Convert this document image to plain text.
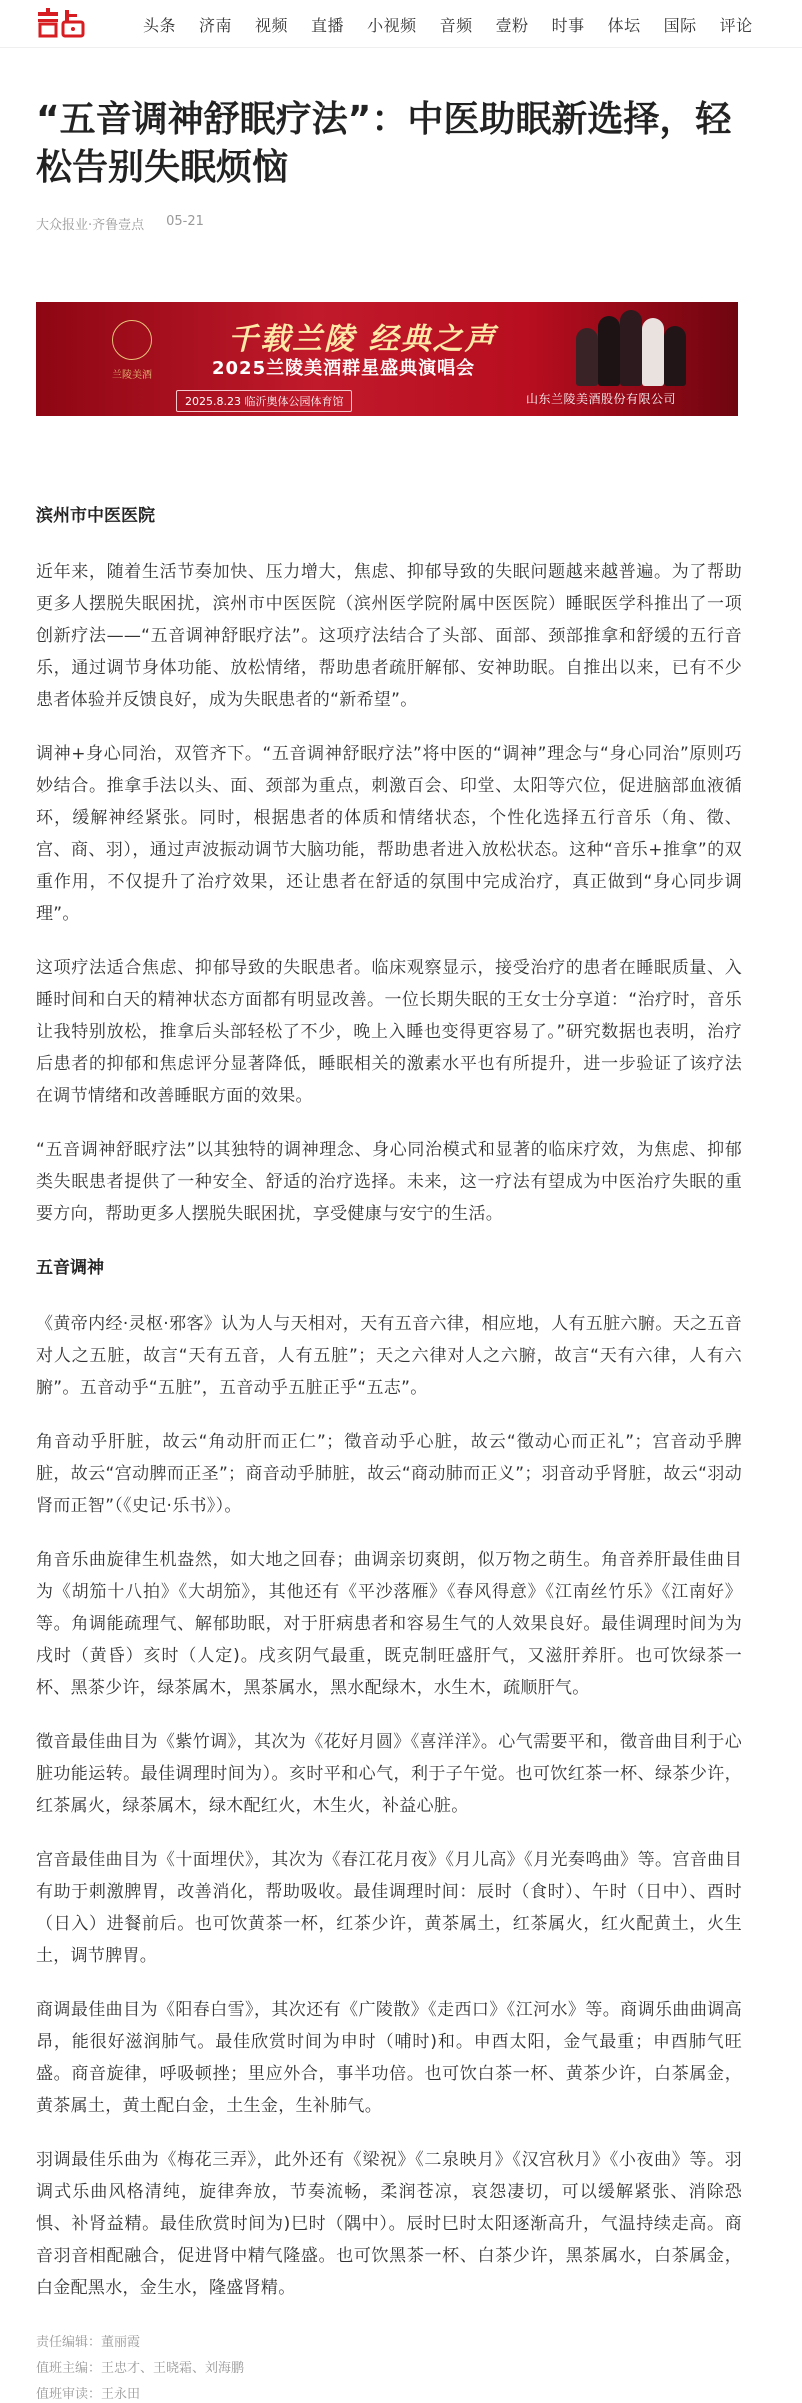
头条 济南 视频 直播 小视频 音频 壹粉 时事 体坛 国际 评论
“五音调神舒眠疗法”：中医助眠新选择，轻松告别失眠烦恼
大众报业·齐鲁壹点 05-21
兰陵美酒
千载兰陵 经典之声
2025兰陵美酒群星盛典演唱会
2025.8.23 临沂奥体公园体育馆	山东兰陵美酒股份有限公司
滨州市中医医院

近年来，随着生活节奏加快、压力增大，焦虑、抑郁导致的失眠问题越来越普遍。为了帮助更多人摆脱失眠困扰，滨州市中医医院（滨州医学院附属中医医院）睡眠医学科推出了一项创新疗法——“五音调神舒眠疗法”。这项疗法结合了头部、面部、颈部推拿和舒缓的五行音乐，通过调节身体功能、放松情绪，帮助患者疏肝解郁、安神助眠。自推出以来，已有不少患者体验并反馈良好，成为失眠患者的“新希望”。

调神+身心同治，双管齐下。“五音调神舒眠疗法”将中医的“调神”理念与“身心同治”原则巧妙结合。推拿手法以头、面、颈部为重点，刺激百会、印堂、太阳等穴位，促进脑部血液循环，缓解神经紧张。同时，根据患者的体质和情绪状态，个性化选择五行音乐（角、徵、宫、商、羽），通过声波振动调节大脑功能，帮助患者进入放松状态。这种“音乐+推拿”的双重作用，不仅提升了治疗效果，还让患者在舒适的氛围中完成治疗，真正做到“身心同步调理”。

这项疗法适合焦虑、抑郁导致的失眠患者。临床观察显示，接受治疗的患者在睡眠质量、入睡时间和白天的精神状态方面都有明显改善。一位长期失眠的王女士分享道：“治疗时，音乐让我特别放松，推拿后头部轻松了不少，晚上入睡也变得更容易了。”研究数据也表明，治疗后患者的抑郁和焦虑评分显著降低，睡眠相关的激素水平也有所提升，进一步验证了该疗法在调节情绪和改善睡眠方面的效果。

“五音调神舒眠疗法”以其独特的调神理念、身心同治模式和显著的临床疗效，为焦虑、抑郁类失眠患者提供了一种安全、舒适的治疗选择。未来，这一疗法有望成为中医治疗失眠的重要方向，帮助更多人摆脱失眠困扰，享受健康与安宁的生活。

五音调神

《黄帝内经·灵枢·邪客》认为人与天相对，天有五音六律，相应地，人有五脏六腑。天之五音对人之五脏，故言“天有五音，人有五脏”；天之六律对人之六腑，故言“天有六律，人有六腑”。五音动乎“五脏”，五音动乎五脏正乎“五志”。

角音动乎肝脏，故云“角动肝而正仁”；徵音动乎心脏，故云“徵动心而正礼”；宫音动乎脾脏，故云“宫动脾而正圣”；商音动乎肺脏，故云“商动肺而正义”；羽音动乎肾脏，故云“羽动肾而正智”（《史记·乐书》）。

角音乐曲旋律生机盎然，如大地之回春；曲调亲切爽朗，似万物之萌生。角音养肝最佳曲目为《胡笳十八拍》《大胡笳》，其他还有《平沙落雁》《春风得意》《江南丝竹乐》《江南好》等。角调能疏理气、解郁助眠，对于肝病患者和容易生气的人效果良好。最佳调理时间为为戌时（黄昏）亥时（人定)。戌亥阴气最重，既克制旺盛肝气，又滋肝养肝。也可饮绿茶一杯、黑茶少许，绿茶属木，黑茶属水，黑水配绿木，水生木，疏顺肝气。

徵音最佳曲目为《紫竹调》，其次为《花好月圆》《喜洋洋》。心气需要平和，徵音曲目利于心脏功能运转。最佳调理时间为）。亥时平和心气，利于子午觉。也可饮红茶一杯、绿茶少许，红茶属火，绿茶属木，绿木配红火，木生火，补益心脏。

宫音最佳曲目为《十面埋伏》，其次为《春江花月夜》《月儿高》《月光奏鸣曲》等。宫音曲目有助于刺激脾胃，改善消化，帮助吸收。最佳调理时间：辰时（食时）、午时（日中）、酉时（日入）进餐前后。也可饮黄茶一杯，红茶少许，黄茶属土，红茶属火，红火配黄土，火生土，调节脾胃。

商调最佳曲目为《阳春白雪》，其次还有《广陵散》《走西口》《江河水》等。商调乐曲曲调高昂，能很好滋润肺气。最佳欣赏时间为申时（哺时)和。申酉太阳，金气最重；申酉肺气旺盛。商音旋律，呼吸顿挫；里应外合，事半功倍。也可饮白茶一杯、黄茶少许，白茶属金，黄茶属土，黄土配白金，土生金，生补肺气。

羽调最佳乐曲为《梅花三弄》，此外还有《梁祝》《二泉映月》《汉宫秋月》《小夜曲》等。羽调式乐曲风格清纯，旋律奔放，节奏流畅，柔润苍凉，哀怨凄切，可以缓解紧张、消除恐惧、补肾益精。最佳欣赏时间为)巳时（隅中）。辰时巳时太阳逐渐高升，气温持续走高。商音羽音相配融合，促进肾中精气隆盛。也可饮黑茶一杯、白茶少许，黑茶属水，白茶属金，白金配黑水，金生水，隆盛肾精。

责任编辑：董丽霞
值班主编：王忠才、王晓霜、刘海鹏
值班审读：王永田
